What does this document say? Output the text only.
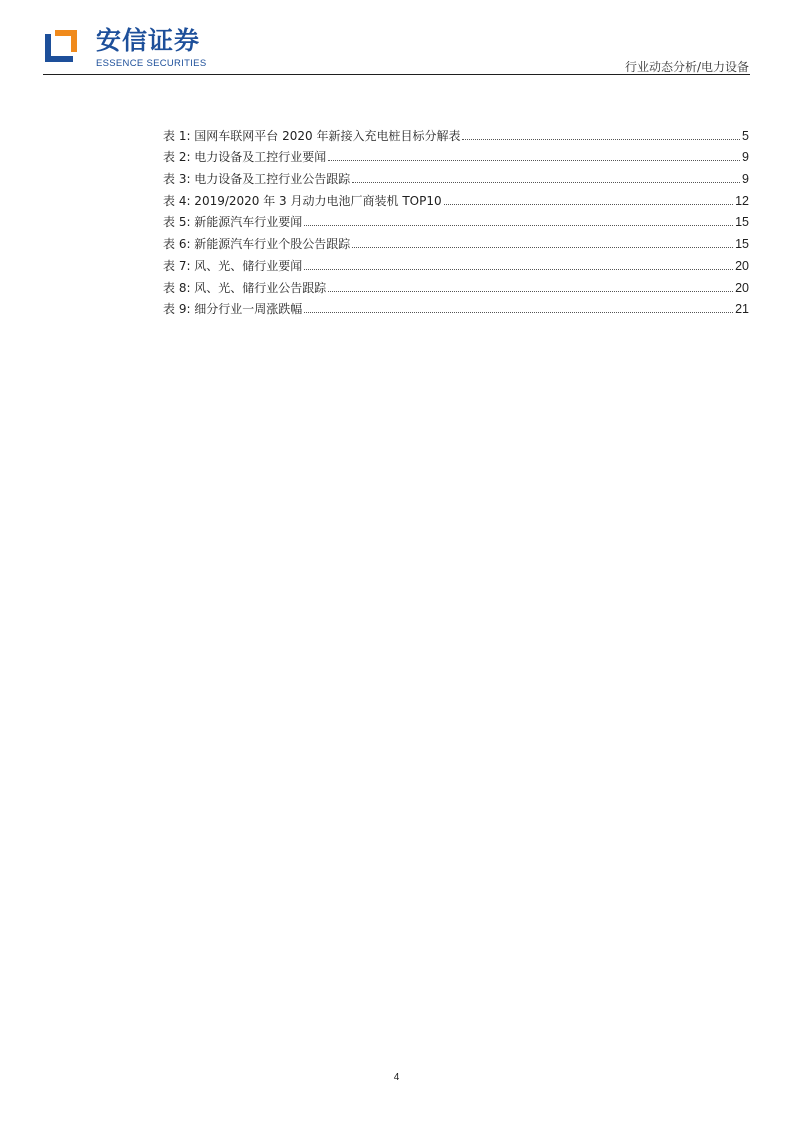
安信证券
ESSENCE SECURITIES	行业动态分析/电力设备
表 1: 国网车联网平台 2020 年新接入充电桩目标分解表	5
表 2: 电力设备及工控行业要闻	9
表 3: 电力设备及工控行业公告跟踪	9
表 4: 2019/2020 年 3 月动力电池厂商装机 TOP10	12
表 5: 新能源汽车行业要闻	15
表 6: 新能源汽车行业个股公告跟踪	15
表 7: 风、光、储行业要闻	20
表 8: 风、光、储行业公告跟踪	20
表 9: 细分行业一周涨跌幅	21
4
